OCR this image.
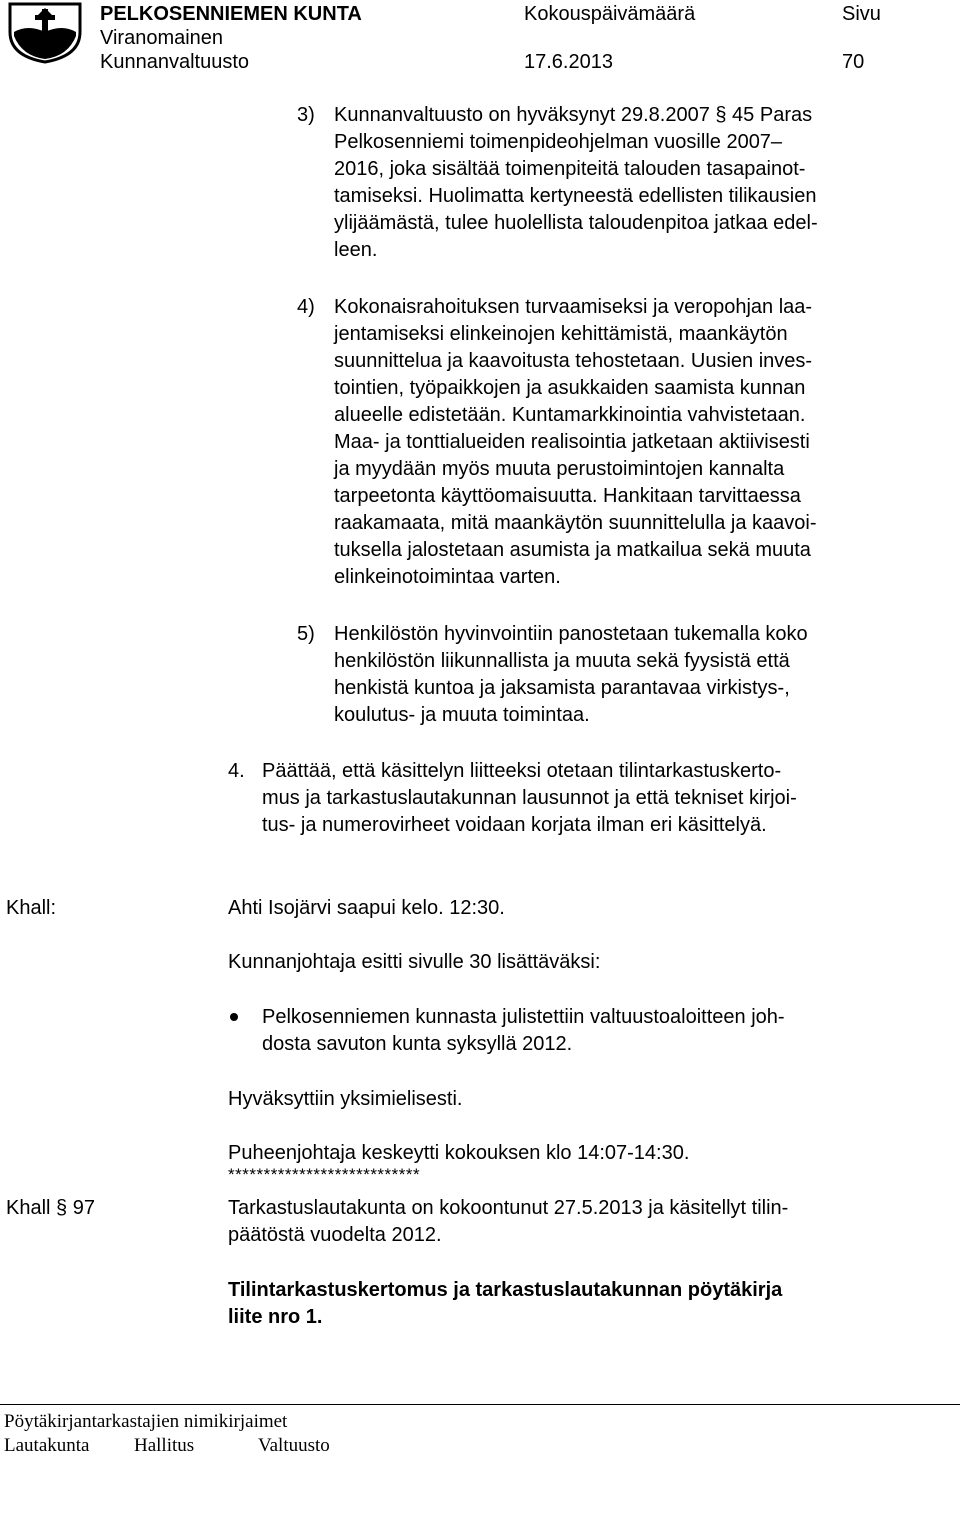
PELKOSENNIEMEN KUNTA
Viranomainen
Kunnanvaltuusto
Kokouspäivämäärä
17.6.2013
Sivu
70
3) Kunnanvaltuusto on hyväksynyt 29.8.2007 § 45 Paras
Pelkosenniemi toimenpideohjelman vuosille 2007–
2016, joka sisältää toimenpiteitä talouden tasapainot-
tamiseksi. Huolimatta kertyneestä edellisten tilikausien
ylijäämästä, tulee huolellista taloudenpitoa jatkaa edel-
leen.
4) Kokonaisrahoituksen turvaamiseksi ja veropohjan laa-
jentamiseksi elinkeinojen kehittämistä, maankäytön
suunnittelua ja kaavoitusta tehostetaan. Uusien inves-
tointien, työpaikkojen ja asukkaiden saamista kunnan
alueelle edistetään. Kuntamarkkinointia vahvistetaan.
Maa- ja tonttialueiden realisointia jatketaan aktiivisesti
ja myydään myös muuta perustoimintojen kannalta
tarpeetonta käyttöomaisuutta. Hankitaan tarvittaessa
raakamaata, mitä maankäytön suunnittelulla ja kaavoi-
tuksella jalostetaan asumista ja matkailua sekä muuta
elinkeinotoimintaa varten.
5) Henkilöstön hyvinvointiin panostetaan tukemalla koko
henkilöstön liikunnallista ja muuta sekä fyysistä että
henkistä kuntoa ja jaksamista parantavaa virkistys-,
koulutus- ja muuta toimintaa.
4. Päättää, että käsittelyn liitteeksi otetaan tilintarkastuskerto-
mus ja tarkastuslautakunnan lausunnot ja että tekniset kirjoi-
tus- ja numerovirheet voidaan korjata ilman eri käsittelyä.
Khall:	Ahti Isojärvi saapui kelo. 12:30.
Kunnanjohtaja esitti sivulle 30 lisättäväksi:
Pelkosenniemen kunnasta julistettiin valtuustoaloitteen joh-
dosta savuton kunta syksyllä 2012.
Hyväksyttiin yksimielisesti.
Puheenjohtaja keskeytti kokouksen klo 14:07-14:30.
***************************
Khall § 97	Tarkastuslautakunta on kokoontunut 27.5.2013 ja käsitellyt tilin-
päätöstä vuodelta 2012.
Tilintarkastuskertomus ja tarkastuslautakunnan pöytäkirja
liite nro 1.
Pöytäkirjantarkastajien nimikirjaimet
Lautakunta Hallitus	Valtuusto
